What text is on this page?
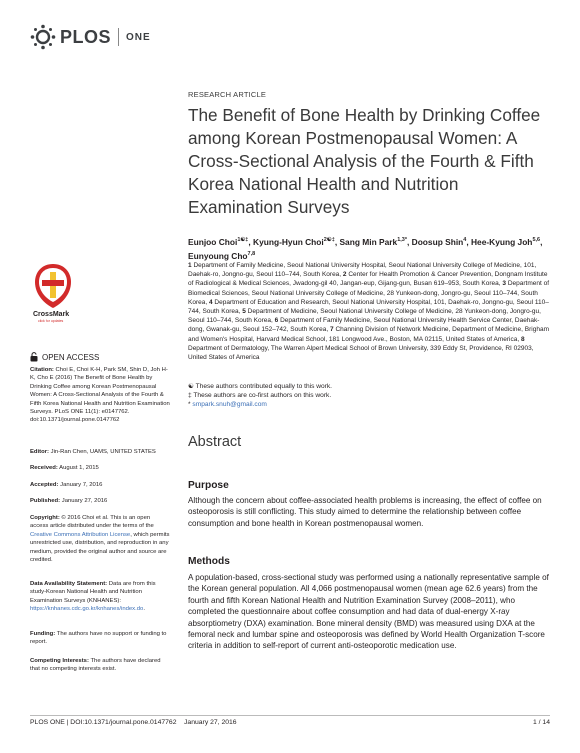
PLOS ONE
RESEARCH ARTICLE
The Benefit of Bone Health by Drinking Coffee among Korean Postmenopausal Women: A Cross-Sectional Analysis of the Fourth & Fifth Korea National Health and Nutrition Examination Surveys
Eunjoo Choi$^{1☯\ddagger}$, Kyung-Hyun Choi$^{2☯\ddagger}$, Sang Min Park$^{1,3*}$, Doosup Shin$^4$, Hee-Kyung Joh$^{5,6}$, Eunyoung Cho$^{7,8}$
1 Department of Family Medicine, Seoul National University Hospital, Seoul National University College of Medicine, 101, Daehak-ro, Jongno-gu, Seoul 110–744, South Korea, 2 Center for Health Promotion & Cancer Prevention, Dongnam Institute of Radiological & Medical Sciences, Jwadong-gil 40, Jangan-eup, Gijang-gun, Busan 619–953, South Korea, 3 Department of Biomedical Sciences, Seoul National University College of Medicine, 28 Yunkeon-dong, Jongro-gu, Seoul 110–744, South Korea, 4 Department of Education and Research, Seoul National University Hospital, 101, Daehak-ro, Jongno-gu, Seoul 110–744, South Korea, 5 Department of Medicine, Seoul National University College of Medicine, 28 Yunkeon-dong, Jongro-gu, Seoul 110–744, South Korea, 6 Department of Family Medicine, Seoul National University Health Service Center, Daehak-dong, Gwanak-gu, Seoul 152–742, South Korea, 7 Channing Division of Network Medicine, Department of Medicine, Brigham and Women's Hospital, Harvard Medical School, 181 Longwood Ave., Boston, MA 02115, United States of America, 8 Department of Dermatology, The Warren Alpert Medical School of Brown University, 339 Eddy St, Providence, RI 02903, United States of America
☯ These authors contributed equally to this work.
‡ These authors are co-first authors on this work.
* smpark.snuh@gmail.com
Abstract
Purpose

Although the concern about coffee-associated health problems is increasing, the effect of coffee on osteoporosis is still conflicting. This study aimed to determine the relationship between coffee consumption and bone health in Korean postmenopausal women.

Methods

A population-based, cross-sectional study was performed using a nationally representative sample of the Korean general population. All 4,066 postmenopausal women (mean age 62.6 years) from the fourth and fifth Korean National Health and Nutrition Examination Survey (2008–2011), who completed the questionnaire about coffee consumption and had data of dual-energy X-ray absorptiometry (DXA) examination. Bone mineral density (BMD) was measured using DXA at the femoral neck and lumbar spine and osteoporosis was defined by World Health Organization T-score criteria in addition to self-report of current anti-osteoporotic medication use.

CrossMark
click for updates
OPEN ACCESS
Citation: Choi E, Choi K-H, Park SM, Shin D, Joh H-K, Cho E (2016) The Benefit of Bone Health by Drinking Coffee among Korean Postmenopausal Women: A Cross-Sectional Analysis of the Fourth & Fifth Korea National Health and Nutrition Examination Surveys. PLoS ONE 11(1): e0147762. doi:10.1371/journal.pone.0147762
Editor: Jin-Ran Chen, UAMS, UNITED STATES
Received: August 1, 2015
Accepted: January 7, 2016
Published: January 27, 2016
Copyright: © 2016 Choi et al. This is an open access article distributed under the terms of the Creative Commons Attribution License, which permits unrestricted use, distribution, and reproduction in any medium, provided the original author and source are credited.
Data Availability Statement: Data are from this study-Korean National Health and Nutrition Examination Surveys (KNHANES): https://knhanes.cdc.go.kr/knhanes/index.do.
Funding: The authors have no support or funding to report.
Competing Interests: The authors have declared that no competing interests exist.
PLOS ONE | DOI:10.1371/journal.pone.0147762    January 27, 2016	1 / 14
